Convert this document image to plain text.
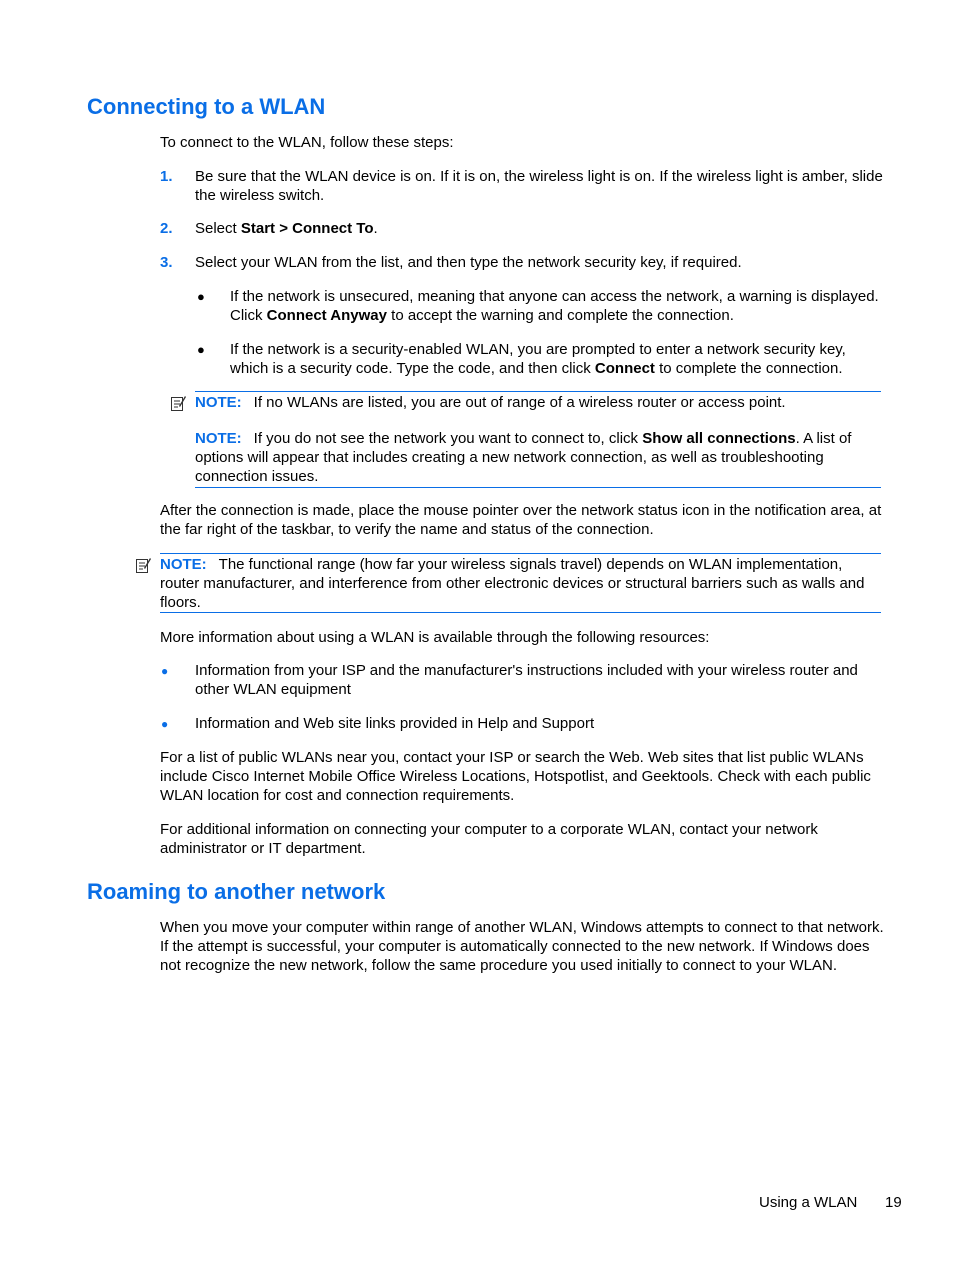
Connecting to a WLAN

To connect to the WLAN, follow these steps:

1. Be sure that the WLAN device is on. If it is on, the wireless light is on. If the wireless light is amber, slide the wireless switch.

2. Select Start > Connect To.

3. Select your WLAN from the list, and then type the network security key, if required.

● If the network is unsecured, meaning that anyone can access the network, a warning is displayed. Click Connect Anyway to accept the warning and complete the connection.

● If the network is a security-enabled WLAN, you are prompted to enter a network security key, which is a security code. Type the code, and then click Connect to complete the connection.

NOTE: If no WLANs are listed, you are out of range of a wireless router or access point.

NOTE: If you do not see the network you want to connect to, click Show all connections. A list of options will appear that includes creating a new network connection, as well as troubleshooting connection issues.

After the connection is made, place the mouse pointer over the network status icon in the notification area, at the far right of the taskbar, to verify the name and status of the connection.

NOTE: The functional range (how far your wireless signals travel) depends on WLAN implementation, router manufacturer, and interference from other electronic devices or structural barriers such as walls and floors.

More information about using a WLAN is available through the following resources:

● Information from your ISP and the manufacturer's instructions included with your wireless router and other WLAN equipment

● Information and Web site links provided in Help and Support

For a list of public WLANs near you, contact your ISP or search the Web. Web sites that list public WLANs include Cisco Internet Mobile Office Wireless Locations, Hotspotlist, and Geektools. Check with each public WLAN location for cost and connection requirements.

For additional information on connecting your computer to a corporate WLAN, contact your network administrator or IT department.

Roaming to another network

When you move your computer within range of another WLAN, Windows attempts to connect to that network. If the attempt is successful, your computer is automatically connected to the new network. If Windows does not recognize the new network, follow the same procedure you used initially to connect to your WLAN.

Using a WLAN 19
